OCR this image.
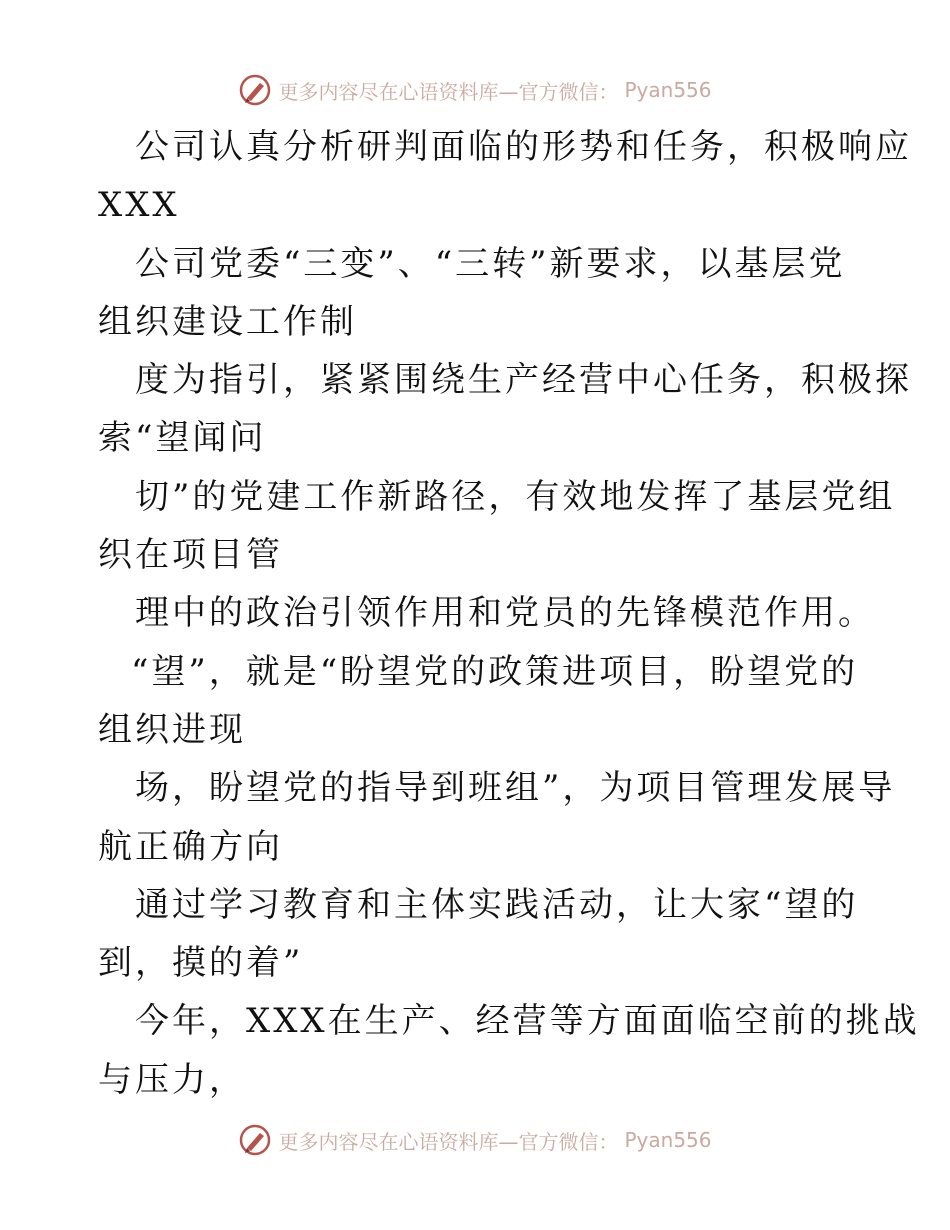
更多内容尽在心语资料库—官方微信： Pyan556
公司认真分析研判面临的形势和任务，积极响应
XXX
公司党委“三变”、“三转”新要求，以基层党
组织建设工作制
度为指引，紧紧围绕生产经营中心任务，积极探
索“望闻问
切”的党建工作新路径，有效地发挥了基层党组
织在项目管
理中的政治引领作用和党员的先锋模范作用。
“望”，就是“盼望党的政策进项目，盼望党的
组织进现
场，盼望党的指导到班组”，为项目管理发展导
航正确方向
通过学习教育和主体实践活动，让大家“望的
到，摸的着”
今年，XXX在生产、经营等方面面临空前的挑战
与压力，
更多内容尽在心语资料库—官方微信： Pyan556
